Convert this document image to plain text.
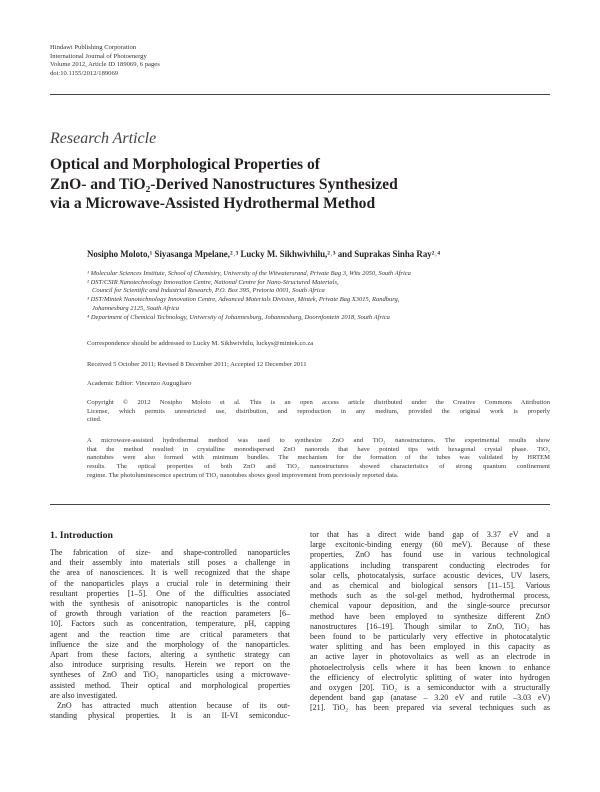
Hindawi Publishing Corporation
International Journal of Photoenergy
Volume 2012, Article ID 189069, 6 pages
doi:10.1155/2012/189069
Research Article
Optical and Morphological Properties of
ZnO- and TiO₂-Derived Nanostructures Synthesized
via a Microwave-Assisted Hydrothermal Method
Nosipho Moloto,¹ Siyasanga Mpelane,²˒³ Lucky M. Sikhwivhilu,²˒³ and Suprakas Sinha Ray²˒⁴
¹ Molecular Sciences Institute, School of Chemistry, University of the Witwatersrand, Private Bag 3, Wits 2050, South Africa
² DST/CSIR Nanotechnology Innovation Centre, National Centre for Nano-Structured Materials,
Council for Scientific and Industrial Research, P.O. Box 395, Pretoria 0001, South Africa
³ DST/Mintek Nanotechnology Innovation Centre, Advanced Materials Division, Mintek, Private Bag X3015, Randburg,
Johannesburg 2125, South Africa
⁴ Department of Chemical Technology, University of Johannesburg, Johannesburg, Doornfontein 2018, South Africa
Correspondence should be addressed to Lucky M. Sikhwivhilu, luckys@mintek.co.za
Received 5 October 2011; Revised 8 December 2011; Accepted 12 December 2011
Academic Editor: Vincenzo Augugliaro
Copyright © 2012 Nosipho Moloto et al. This is an open access article distributed under the Creative Commons Attribution
License, which permits unrestricted use, distribution, and reproduction in any medium, provided the original work is properly
cited.
A microwave-assisted hydrothermal method was used to synthesize ZnO and TiO₂ nanostructures. The experimental results show
that the method resulted in crystalline monodispersed ZnO nanorods that have pointed tips with hexagonal crystal phase. TiO₂
nanotubes were also formed with minimum bundles. The mechanism for the formation of the tubes was validated by HRTEM
results. The optical properties of both ZnO and TiO₂ nanostructures showed characteristics of strong quantum confinement
regime. The photoluminescence spectrum of TiO₂ nanotubes shows good improvement from previously reported data.
1. Introduction
The fabrication of size- and shape-controlled nanoparticles
and their assembly into materials still poses a challenge in
the area of nanosciences. It is well recognized that the shape
of the nanoparticles plays a crucial role in determining their
resultant properties [1–5]. One of the difficulties associated
with the synthesis of anisotropic nanoparticles is the control
of growth through variation of the reaction parameters [6–
10]. Factors such as concentration, temperature, pH, capping
agent and the reaction time are critical parameters that
influence the size and the morphology of the nanoparticles.
Apart from these factors, altering a synthetic strategy can
also introduce surprising results. Herein we report on the
syntheses of ZnO and TiO₂ nanoparticles using a microwave-
assisted method. Their optical and morphological properties
are also investigated.
ZnO has attracted much attention because of its out-
standing physical properties. It is an II-VI semiconduc-
tor that has a direct wide band gap of 3.37 eV and a
large excitonic-binding energy (60 meV). Because of these
properties, ZnO has found use in various technological
applications including transparent conducting electrodes for
solar cells, photocatalysis, surface acoustic devices, UV lasers,
and as chemical and biological sensors [11–15]. Various
methods such as the sol-gel method, hydrothermal process,
chemical vapour deposition, and the single-source precursor
method have been employed to synthesize different ZnO
nanostructures [16–19]. Though similar to ZnO, TiO₂ has
been found to be particularly very effective in photocatalytic
water splitting and has been employed in this capacity as
an active layer in photovoltaics as well as an electrode in
photoelectrolysis cells where it has been known to enhance
the efficiency of electrolytic splitting of water into hydrogen
and oxygen [20]. TiO₂ is a semiconductor with a structurally
dependent band gap (anatase – 3.20 eV and rutile –3.03 eV)
[21]. TiO₂ has been prepared via several techniques such as
